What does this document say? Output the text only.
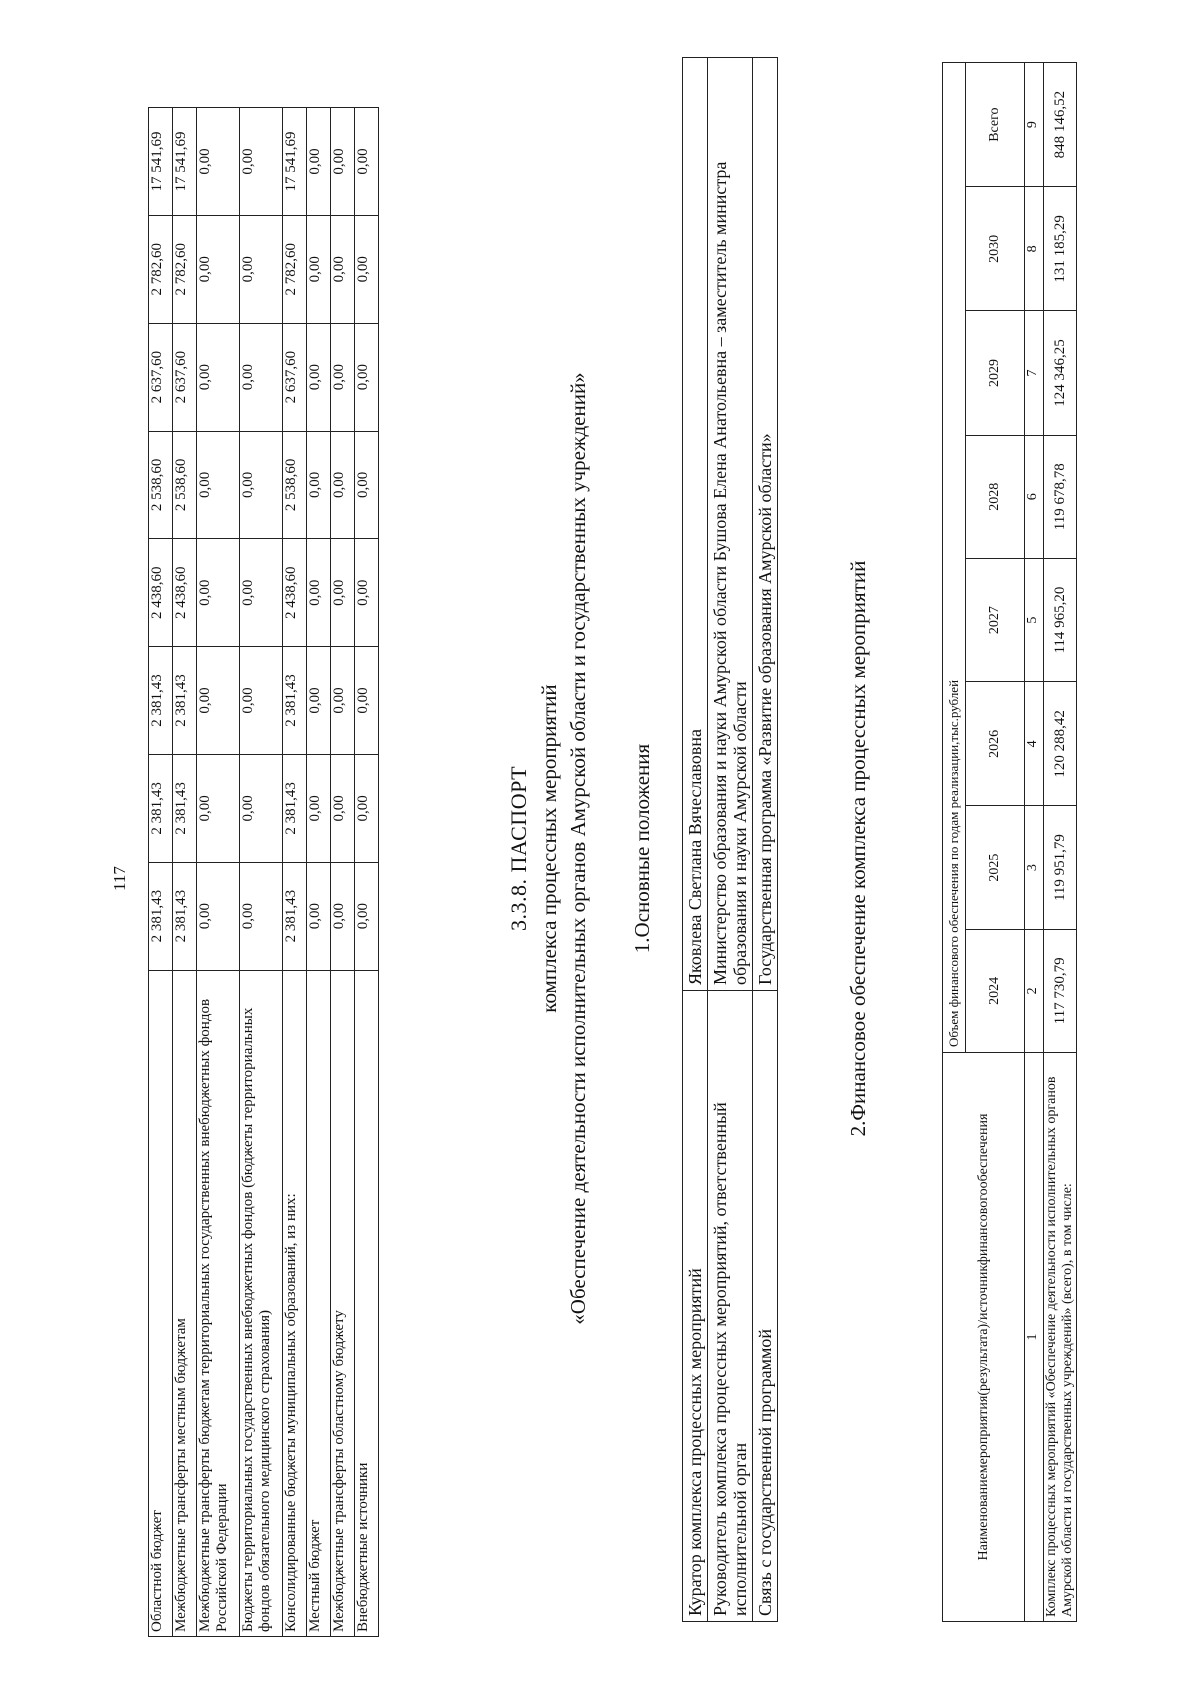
117
Областной бюджет	2 381,43	2 381,43	2 381,43	2 438,60	2 538,60	2 637,60	2 782,60	17 541,69
Межбюджетные трансферты местным бюджетам	2 381,43	2 381,43	2 381,43	2 438,60	2 538,60	2 637,60	2 782,60	17 541,69
Межбюджетные трансферты бюджетам территориальных государственных внебюджетных фондов Российской Федерации	0,00	0,00	0,00	0,00	0,00	0,00	0,00	0,00
Бюджеты территориальных государственных внебюджетных фондов (бюджеты территориальных фондов обязательного медицинского страхования)	0,00	0,00	0,00	0,00	0,00	0,00	0,00	0,00
Консолидированные бюджеты муниципальных образований, из них:	2 381,43	2 381,43	2 381,43	2 438,60	2 538,60	2 637,60	2 782,60	17 541,69
Местный бюджет	0,00	0,00	0,00	0,00	0,00	0,00	0,00	0,00
Межбюджетные трансферты областному бюджету	0,00	0,00	0,00	0,00	0,00	0,00	0,00	0,00
Внебюджетные источники	0,00	0,00	0,00	0,00	0,00	0,00	0,00	0,00
3.3.8. ПАСПОРТ комплекса процессных мероприятий «Обеспечение деятельности исполнительных органов Амурской области и государственных учреждений» 1.Основные положения
Куратор комплекса процессных мероприятий	Яковлева Светлана Вячеславовна
Руководитель комплекса процессных мероприятий, ответственный исполнительной орган	Министерство образования и науки Амурской области Бушова Елена Анатольевна – заместитель министра образования и науки Амурской области
Связь с государственной программой	Государственная программа «Развитие образования Амурской области»	2.Финансовое обеспечение комплекса процессных мероприятий
Наименованиемероприятия(результата)/источникфинансовогообеспечения	Объем финансового обеспечения по годам реализации,тыс.рублей							
	2024	2025	2026	2027	2028	2029	2030	Всего
1	2	3	4	5	6	7	8	9
Комплекс процессных мероприятий «Обеспечение деятельности исполнительных органов Амурской области и государственных учреждений» (всего), в том числе:	117 730,79	119 951,79	120 288,42	114 965,20	119 678,78	124 346,25	131 185,29	848 146,52
